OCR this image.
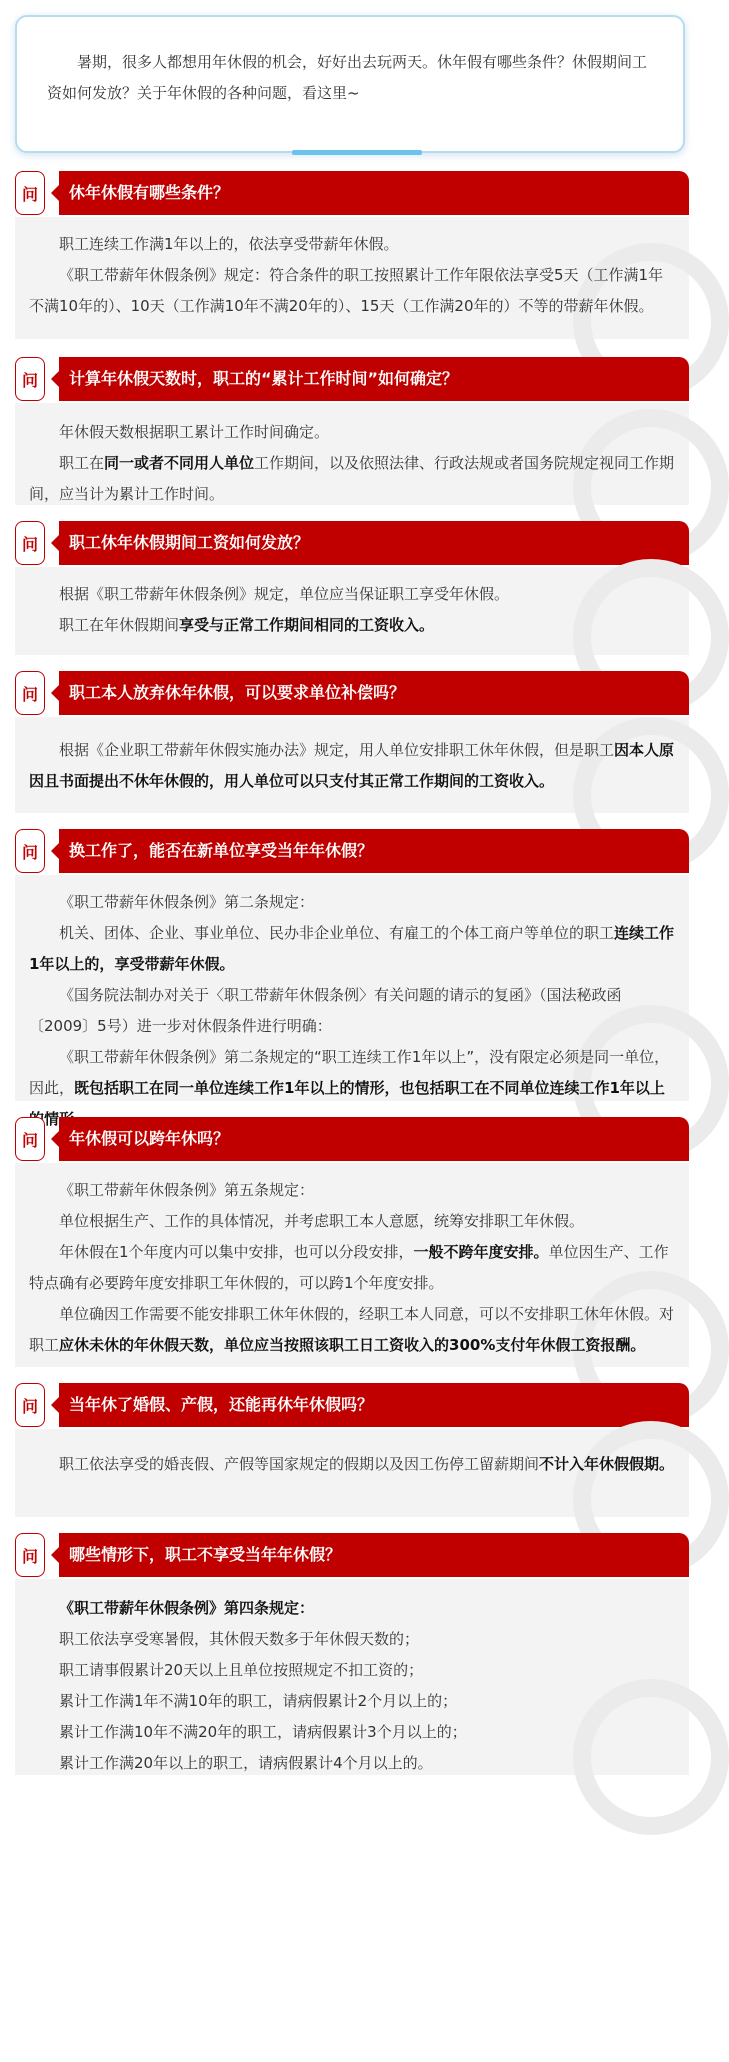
暑期，很多人都想用年休假的机会，好好出去玩两天。休年假有哪些条件？休假期间工资如何发放？关于年休假的各种问题，看这里~

问	休年休假有哪些条件？

职工连续工作满1年以上的，依法享受带薪年休假。

《职工带薪年休假条例》规定：符合条件的职工按照累计工作年限依法享受5天（工作满1年不满10年的）、10天（工作满10年不满20年的）、15天（工作满20年的）不等的带薪年休假。

问	计算年休假天数时，职工的“累计工作时间”如何确定？

年休假天数根据职工累计工作时间确定。

职工在同一或者不同用人单位工作期间，以及依照法律、行政法规或者国务院规定视同工作期间，应当计为累计工作时间。

问	职工休年休假期间工资如何发放？

根据《职工带薪年休假条例》规定，单位应当保证职工享受年休假。

职工在年休假期间享受与正常工作期间相同的工资收入。

问	职工本人放弃休年休假，可以要求单位补偿吗？

根据《企业职工带薪年休假实施办法》规定，用人单位安排职工休年休假，但是职工因本人原因且书面提出不休年休假的，用人单位可以只支付其正常工作期间的工资收入。

问	换工作了，能否在新单位享受当年年休假？

《职工带薪年休假条例》第二条规定：

机关、团体、企业、事业单位、民办非企业单位、有雇工的个体工商户等单位的职工连续工作1年以上的，享受带薪年休假。

《国务院法制办对关于〈职工带薪年休假条例〉有关问题的请示的复函》（国法秘政函〔2009〕5号）进一步对休假条件进行明确：

《职工带薪年休假条例》第二条规定的“职工连续工作1年以上”，没有限定必须是同一单位，因此，既包括职工在同一单位连续工作1年以上的情形，也包括职工在不同单位连续工作1年以上 情

问	年休假可以跨年休吗？

《职工带薪年休假条例》第五条规定：

单位根据生产、工作的具体情况，并考虑职工本人意愿，统筹安排职工年休假。

年休假在1个年度内可以集中安排，也可以分段安排，一般不跨年度安排。单位因生产、工作特点确有必要跨年度安排职工年休假的，可以跨1个年度安排。

单位确因工作需要不能安排职工休年休假的，经职工本人同意，可以不安排职工休年休假。对职工应休未休的年休假天数，单位应当按照该职工日工资收入的300%支付年休假工资报酬。

问	当年休了婚假、产假，还能再休年休假吗？

职工依法享受的婚丧假、产假等国家规定的假期以及因工伤停工留薪期间不计入年休假假期。

问	哪些情形下，职工不享受当年年休假？

《职工带薪年休假条例》第四条规定：

职工依法享受寒暑假，其休假天数多于年休假天数的；

职工请事假累计20天以上且单位按照规定不扣工资的；

累计工作满1年不满10年的职工，请病假累计2个月以上的；

累计工作满10年不满20年的职工，请病假累计3个月以上的；

累计工作满20年以上的职工，请病假累计4个月以上的。
